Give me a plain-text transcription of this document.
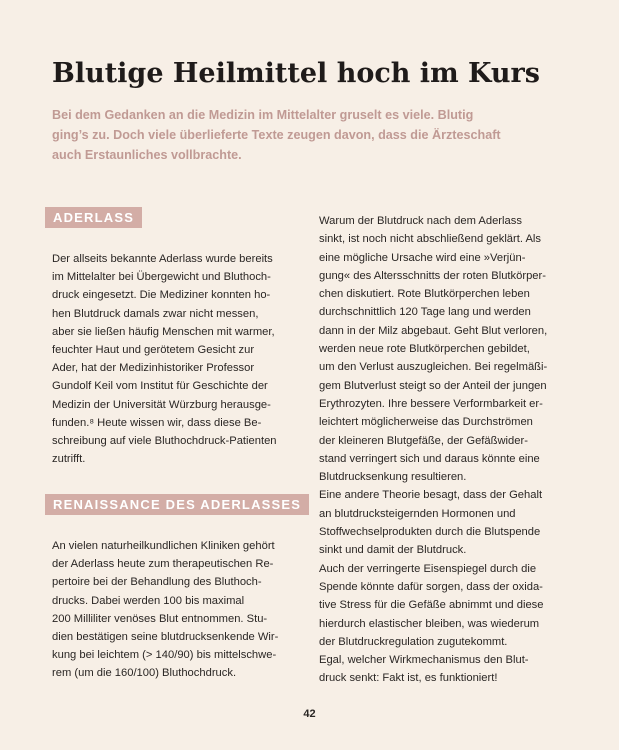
Blutige Heilmittel hoch im Kurs
Bei dem Gedanken an die Medizin im Mittelalter gruselt es viele. Blutig
ging’s zu. Doch viele überlieferte Texte zeugen davon, dass die Ärzteschaft
auch Erstaunliches vollbrachte.
ADERLASS
Der allseits bekannte Aderlass wurde bereits
im Mittelalter bei Übergewicht und Bluthoch-
druck eingesetzt. Die Mediziner konnten ho-
hen Blutdruck damals zwar nicht messen,
aber sie ließen häufig Menschen mit warmer,
feuchter Haut und gerötetem Gesicht zur
Ader, hat der Medizinhistoriker Professor
Gundolf Keil vom Institut für Geschichte der
Medizin der Universität Würzburg herausge-
funden.⁸ Heute wissen wir, dass diese Be-
schreibung auf viele Bluthochdruck-Patienten
zutrifft.
RENAISSANCE DES ADERLASSES
An vielen naturheilkundlichen Kliniken gehört
der Aderlass heute zum therapeutischen Re-
pertoire bei der Behandlung des Bluthoch-
drucks. Dabei werden 100 bis maximal
200 Milliliter venöses Blut entnommen. Stu-
dien bestätigen seine blutdrucksenkende Wir-
kung bei leichtem (> 140/90) bis mittelschwe-
rem (um die 160/100) Bluthochdruck.
Warum der Blutdruck nach dem Aderlass
sinkt, ist noch nicht abschließend geklärt. Als
eine mögliche Ursache wird eine »Verjün-
gung« des Altersschnitts der roten Blutkörper-
chen diskutiert. Rote Blutkörperchen leben
durchschnittlich 120 Tage lang und werden
dann in der Milz abgebaut. Geht Blut verloren,
werden neue rote Blutkörperchen gebildet,
um den Verlust auszugleichen. Bei regelmäßi-
gem Blutverlust steigt so der Anteil der jungen
Erythrozyten. Ihre bessere Verformbarkeit er-
leichtert möglicherweise das Durchströmen
der kleineren Blutgefäße, der Gefäßwider-
stand verringert sich und daraus könnte eine
Blutdrucksenkung resultieren.
Eine andere Theorie besagt, dass der Gehalt
an blutdrucksteigernden Hormonen und
Stoffwechselprodukten durch die Blutspende
sinkt und damit der Blutdruck.
Auch der verringerte Eisenspiegel durch die
Spende könnte dafür sorgen, dass der oxida-
tive Stress für die Gefäße abnimmt und diese
hierdurch elastischer bleiben, was wiederum
der Blutdruckregulation zugutekommt.
Egal, welcher Wirkmechanismus den Blut-
druck senkt: Fakt ist, es funktioniert!
42
